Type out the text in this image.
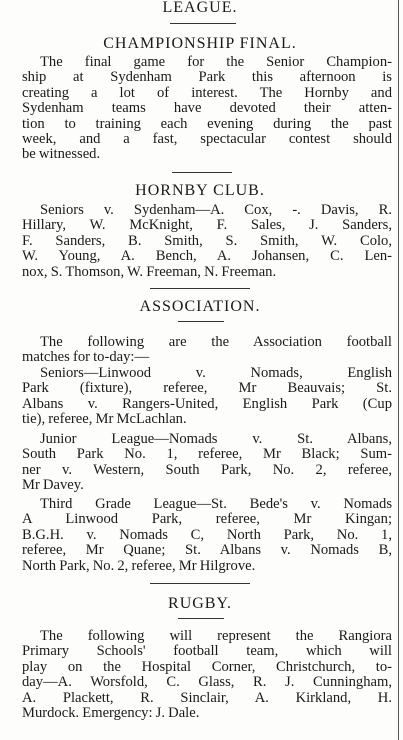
LEAGUE.
CHAMPIONSHIP FINAL.
The final game for the Senior Champion-
ship at Sydenham Park this afternoon is
creating a lot of interest. The Hornby and
Sydenham teams have devoted their atten-
tion to training each evening during the past
week, and a fast, spectacular contest should
be witnessed.
HORNBY CLUB.
Seniors v. Sydenham—A. Cox, -. Davis, R.
Hillary, W. McKnight, F. Sales, J. Sanders,
F. Sanders, B. Smith, S. Smith, W. Colo,
W. Young, A. Bench, A. Johansen, C. Len-
nox, S. Thomson, W. Freeman, N. Freeman.
ASSOCIATION.
The following are the Association football
matches for to-day:—
Seniors—Linwood v. Nomads, English
Park (fixture), referee, Mr Beauvais; St.
Albans v. Rangers-United, English Park (Cup
tie), referee, Mr McLachlan.
Junior League—Nomads v. St. Albans,
South Park No. 1, referee, Mr Black; Sum-
ner v. Western, South Park, No. 2, referee,
Mr Davey.
Third Grade League—St. Bede's v. Nomads
A Linwood Park, referee, Mr Kingan;
B.G.H. v. Nomads C, North Park, No. 1,
referee, Mr Quane; St. Albans v. Nomads B,
North Park, No. 2, referee, Mr Hilgrove.
RUGBY.
The following will represent the Rangiora
Primary Schools' football team, which will
play on the Hospital Corner, Christchurch, to-
day—A. Worsfold, C. Glass, R. J. Cunningham,
A. Plackett, R. Sinclair, A. Kirkland, H.
Murdock. Emergency: J. Dale.
